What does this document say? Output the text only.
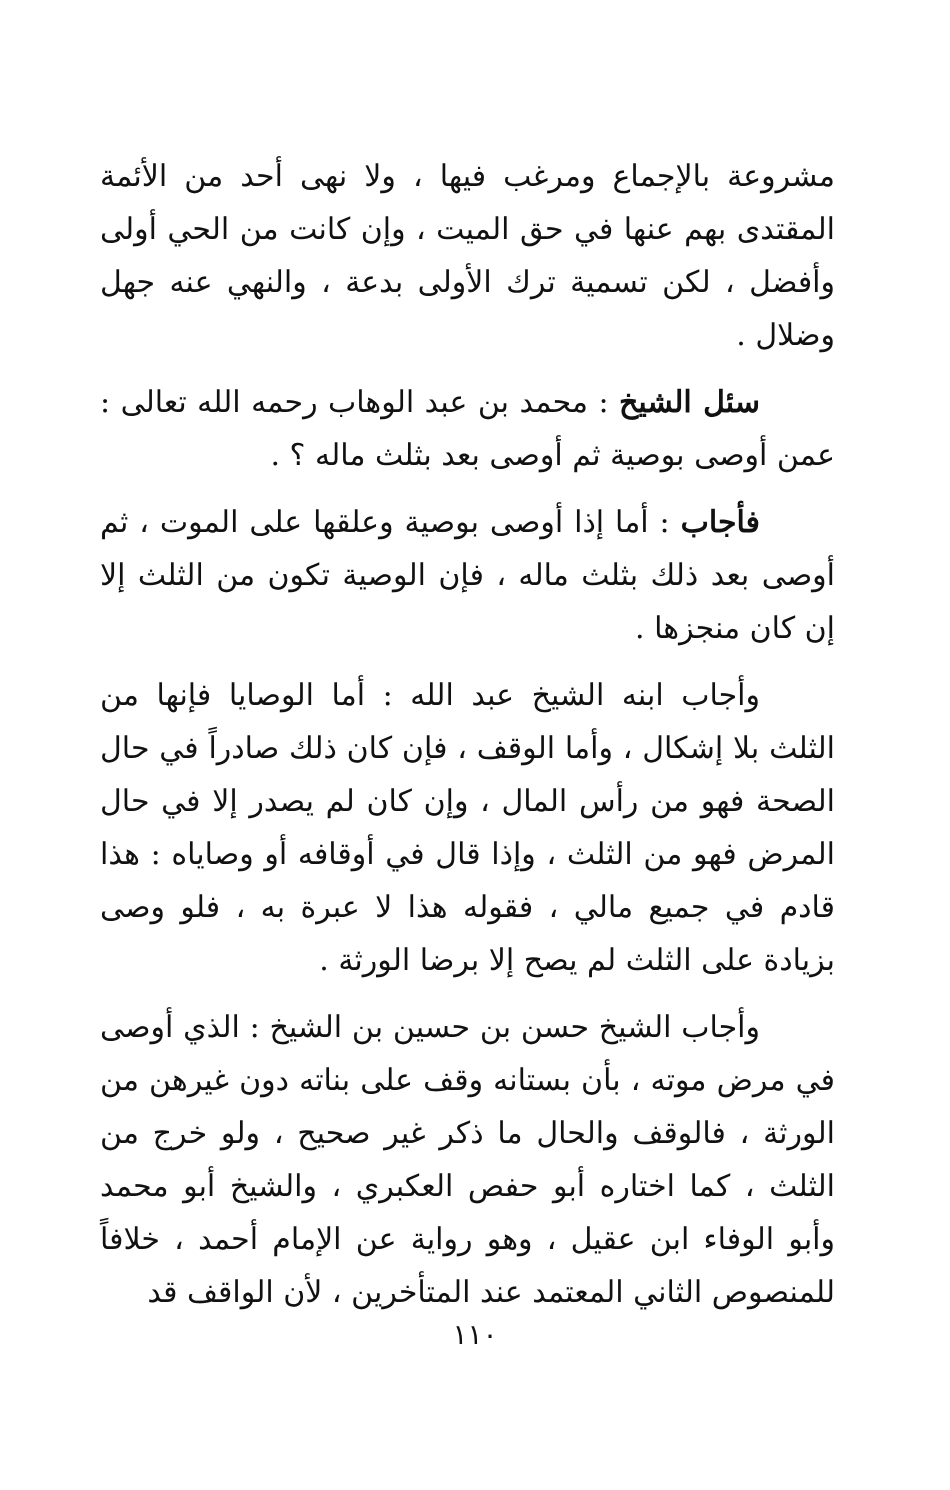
مشروعة بالإجماع ومرغب فيها ، ولا نهى أحد من الأئمة المقتدى بهم عنها في حق الميت ، وإن كانت من الحي أولى وأفضل ، لكن تسمية ترك الأولى بدعة ، والنهي عنه جهل وضلال .

سئل الشيخ : محمد بن عبد الوهاب رحمه الله تعالى : عمن أوصى بوصية ثم أوصى بعد بثلث ماله ؟ .

فأجاب : أما إذا أوصى بوصية وعلقها على الموت ، ثم أوصى بعد ذلك بثلث ماله ، فإن الوصية تكون من الثلث إلا إن كان منجزها .

وأجاب ابنه الشيخ عبد الله : أما الوصايا فإنها من الثلث بلا إشكال ، وأما الوقف ، فإن كان ذلك صادراً في حال الصحة فهو من رأس المال ، وإن كان لم يصدر إلا في حال المرض فهو من الثلث ، وإذا قال في أوقافه أو وصاياه : هذا قادم في جميع مالي ، فقوله هذا لا عبرة به ، فلو وصى بزيادة على الثلث لم يصح إلا برضا الورثة .

وأجاب الشيخ حسن بن حسين بن الشيخ : الذي أوصى في مرض موته ، بأن بستانه وقف على بناته دون غيرهن من الورثة ، فالوقف والحال ما ذكر غير صحيح ، ولو خرج من الثلث ، كما اختاره أبو حفص العكبري ، والشيخ أبو محمد وأبو الوفاء ابن عقيل ، وهو رواية عن الإمام أحمد ، خلافاً للمنصوص الثاني المعتمد عند المتأخرين ، لأن الواقف قد

١١٠
